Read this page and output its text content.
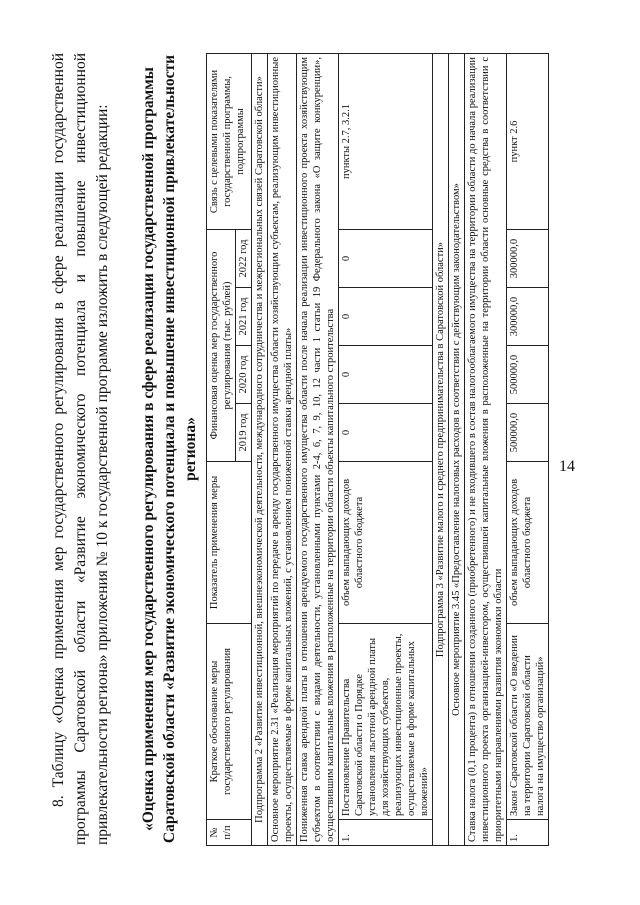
14
8. Таблицу «Оценка применения мер государственного регулирования в сфере реализации государственной программы Саратовской области «Развитие экономического потенциала и повышение инвестиционной привлекательности региона» приложения № 10 к государственной программе изложить в следующей редакции: «Оценка применения мер государственного регулирования в сфере реализации государственной программы Саратовской области «Развитие экономического потенциала и повышение инвестиционной привлекательности региона»
№ п/п	Краткое обоснование меры государственного регулирования	Показатель применения меры	Финансовая оценка мер государственного регулирования (тыс. рублей)				Связь с целевыми показателями государственной программы, подпрограммы
			2019 год	2020 год	2021 год	2022 год	
Подпрограмма 2 «Развитие инвестиционной, внешнеэкономической деятельности, международного сотрудничества и межрегиональных связей Саратовской области»							
Основное мероприятие 2.31 «Реализация мероприятий по передаче в аренду государственного имущества области хозяйствующим субъектам, реализующим инвестиционные проекты, осуществляемые в форме капитальных вложений, с установлением пониженной ставки арендной платы»							
Пониженная ставка арендной платы в отношении арендуемого государственного имущества области после начала реализации инвестиционного проекта хозяйствующим субъектом в соответствии с видами деятельности, установленными пунктами 2-4, 6, 7, 9, 10, 12 части 1 статьи 19 Федерального закона «О защите конкуренции», осуществившим капитальные вложения в расположенные на территории области объекты капитального строительства							
1.	Постановление Правительства Саратовской области о Порядке установления льготной арендной платы для хозяйствующих субъектов, реализующих инвестиционные проекты, осуществляемые в форме капитальных вложений»	объем выпадающих доходов областного бюджета	0	0	0	0	пункты 2.7, 3.2.1
Подпрограмма 3 «Развитие малого и среднего предпринимательства в Саратовской области»							
Основное мероприятие 3.45 «Предоставление налоговых расходов в соответствии с действующим законодательством»							
Ставка налога (0,1 процента) в отношении созданного (приобретенного) и не входившего в состав налогооблагаемого имущества на территории области до начала реализации инвестиционного проекта организацией-инвестором, осуществившей капитальные вложения в расположенные на территории области основные средства в соответствии с приоритетными направлениями развития экономики области							
1.	Закон Саратовской области «О введении на территории Саратовской области налога на имущество организаций»	объем выпадающих доходов областного бюджета	500000,0	500000,0	300000,0	300000,0	пункт 2.6
